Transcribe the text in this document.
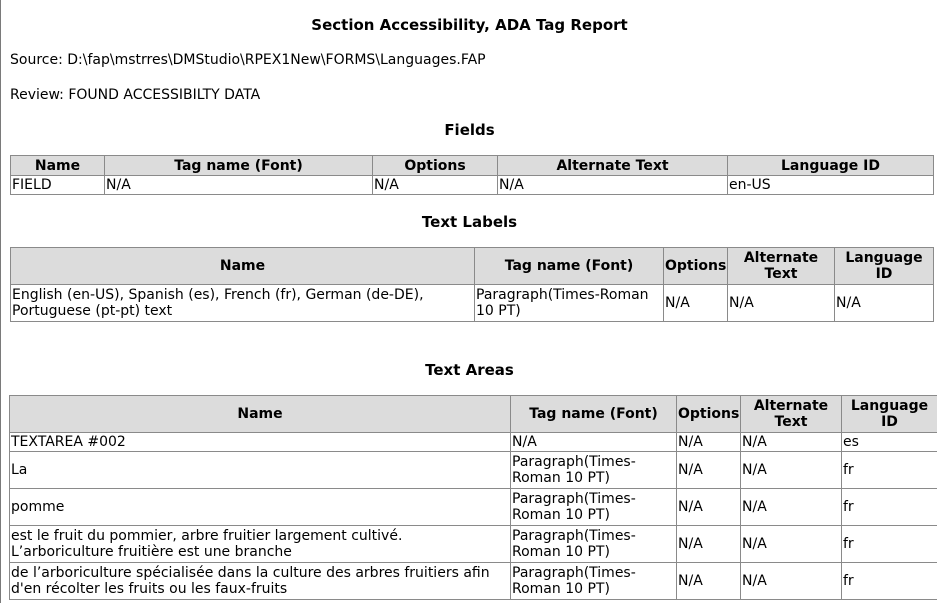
Section Accessibility, ADA Tag Report
Source: D:\fap\mstrres\DMStudio\RPEX1New\FORMS\Languages.FAP
Review: FOUND ACCESSIBILTY DATA
Fields
Name	Tag name (Font)	Options	Alternate Text	Language ID
FIELD	N/A	N/A	N/A	en-US
Text Labels
Name	Tag name (Font)	Options	Alternate Text	Language ID
English (en-US), Spanish (es), French (fr), German (de-DE), Portuguese (pt-pt) text	Paragraph(Times-Roman 10 PT)	N/A	N/A	N/A
Text Areas
Name	Tag name (Font)	Options	Alternate Text	Language ID
TEXTAREA #002	N/A	N/A	N/A	es
La	Paragraph(Times-Roman 10 PT)	N/A	N/A	fr
pomme	Paragraph(Times-Roman 10 PT)	N/A	N/A	fr
est le fruit du pommier, arbre fruitier largement cultivé. L’arboriculture fruitière est une branche	Paragraph(Times-Roman 10 PT)	N/A	N/A	fr
de l’arboriculture spécialisée dans la culture des arbres fruitiers afin d'en récolter les fruits ou les faux-fruits	Paragraph(Times-Roman 10 PT)	N/A	N/A	fr
